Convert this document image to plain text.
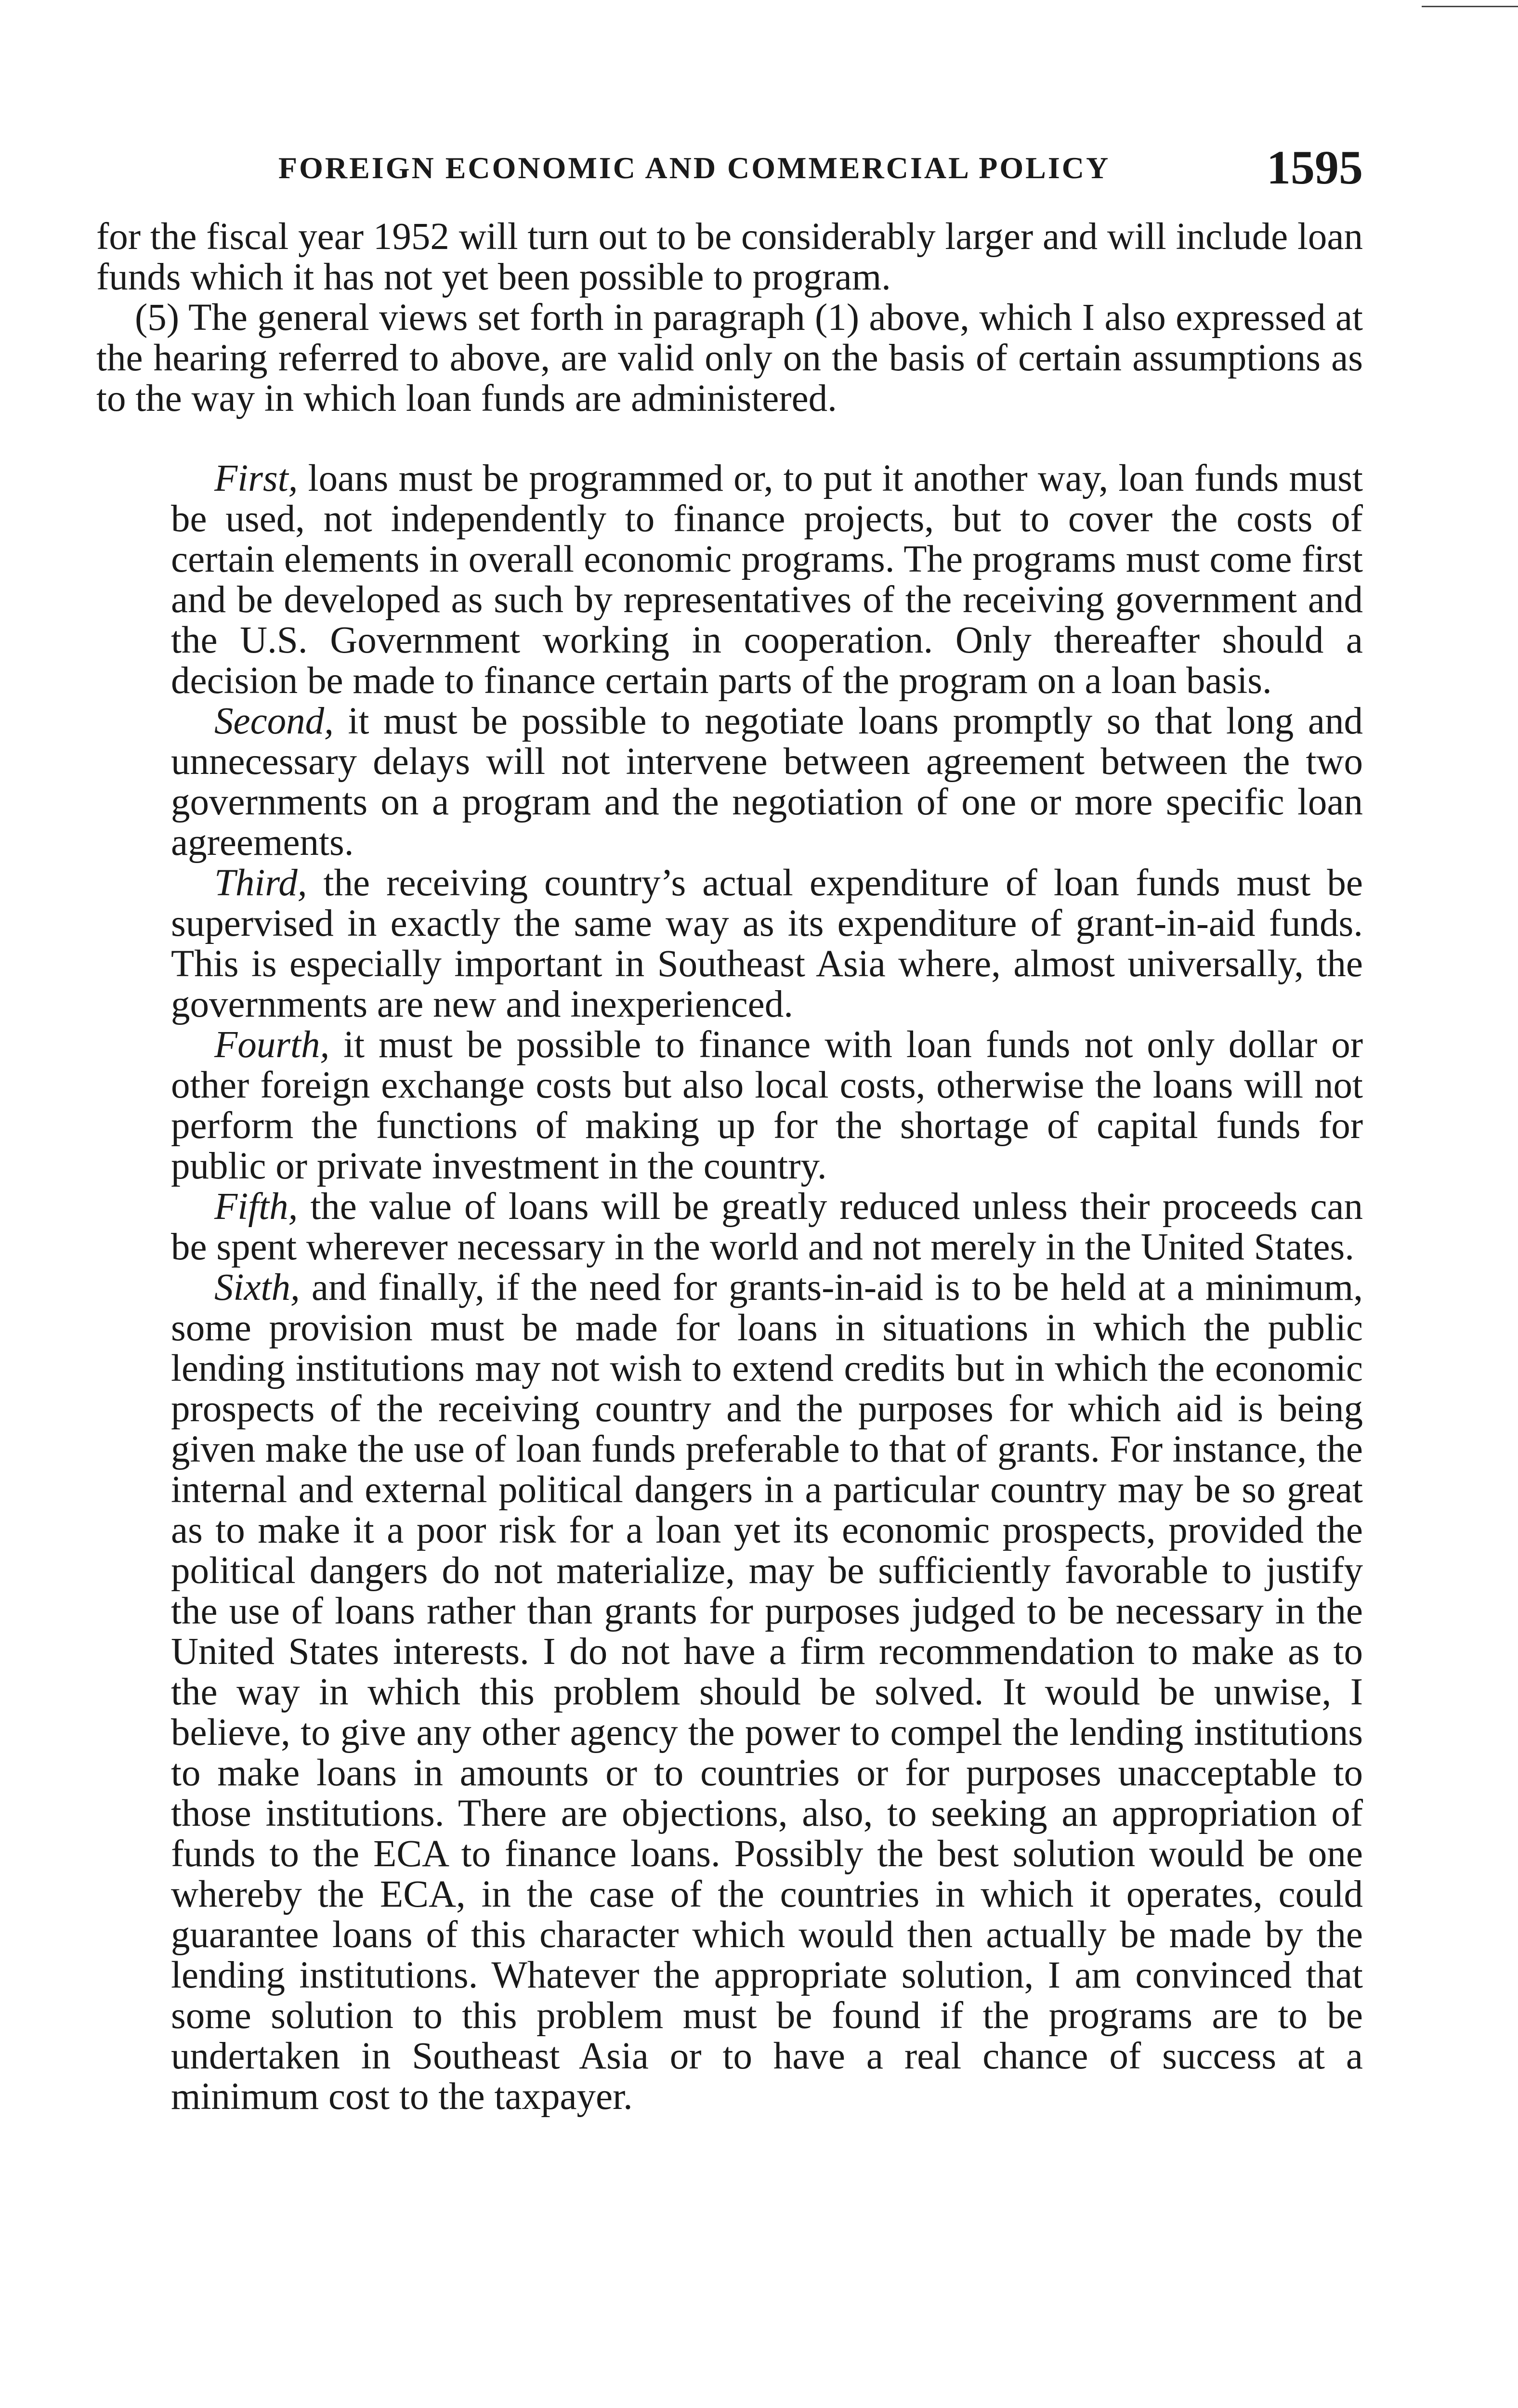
FOREIGN ECONOMIC AND COMMERCIAL POLICY	1595

for the fiscal year 1952 will turn out to be considerably larger and will include loan funds which it has not yet been possible to program.

(5) The general views set forth in paragraph (1) above, which I also expressed at the hearing referred to above, are valid only on the basis of certain assumptions as to the way in which loan funds are administered.

First, loans must be programmed or, to put it another way, loan funds must be used, not independently to finance projects, but to cover the costs of certain elements in overall economic programs. The programs must come first and be developed as such by representatives of the receiving government and the U.S. Government working in cooperation. Only thereafter should a decision be made to finance certain parts of the program on a loan basis.

Second, it must be possible to negotiate loans promptly so that long and unnecessary delays will not intervene between agreement between the two governments on a program and the negotiation of one or more specific loan agreements.

Third, the receiving country’s actual expenditure of loan funds must be supervised in exactly the same way as its expenditure of grant-in-aid funds. This is especially important in Southeast Asia where, almost universally, the governments are new and inexperienced.

Fourth, it must be possible to finance with loan funds not only dollar or other foreign exchange costs but also local costs, otherwise the loans will not perform the functions of making up for the shortage of capital funds for public or private investment in the country.

Fifth, the value of loans will be greatly reduced unless their proceeds can be spent wherever necessary in the world and not merely in the United States.

Sixth, and finally, if the need for grants-in-aid is to be held at a minimum, some provision must be made for loans in situations in which the public lending institutions may not wish to extend credits but in which the economic prospects of the receiving country and the purposes for which aid is being given make the use of loan funds preferable to that of grants. For instance, the internal and external political dangers in a particular country may be so great as to make it a poor risk for a loan yet its economic prospects, provided the political dangers do not materialize, may be sufficiently favorable to justify the use of loans rather than grants for purposes judged to be necessary in the United States interests. I do not have a firm recommendation to make as to the way in which this problem should be solved. It would be unwise, I believe, to give any other agency the power to compel the lending institutions to make loans in amounts or to countries or for purposes unacceptable to those institutions. There are objections, also, to seeking an appropriation of funds to the ECA to finance loans. Possibly the best solution would be one whereby the ECA, in the case of the countries in which it operates, could guarantee loans of this character which would then actually be made by the lending institutions. Whatever the appropriate solution, I am convinced that some solution to this problem must be found if the programs are to be undertaken in Southeast Asia or to have a real chance of success at a minimum cost to the taxpayer.
